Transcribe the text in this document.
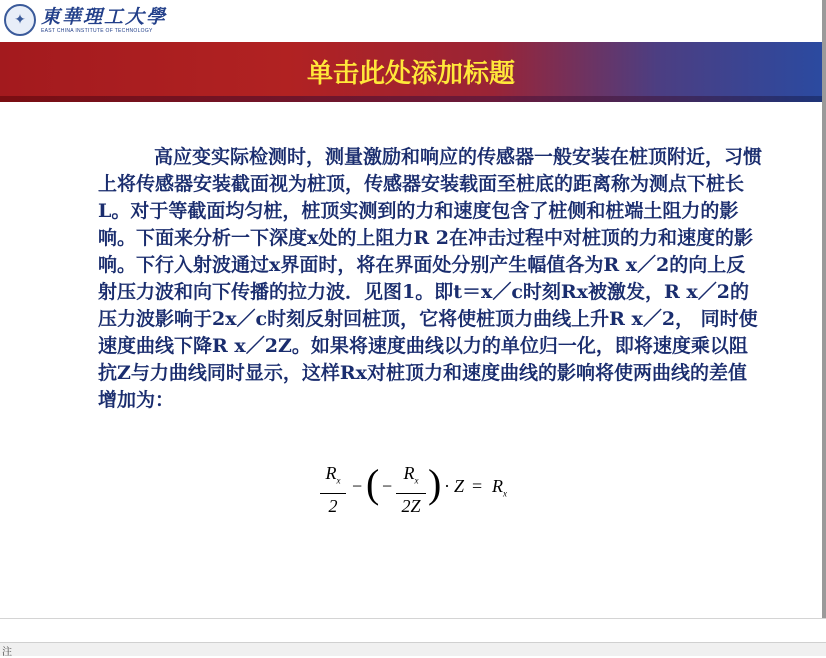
✦ 東華理工大學
EAST CHINA INSTITUTE OF TECHNOLOGY
单击此处添加标题

高应变实际检测时，测量激励和响应的传感器一般安装在桩顶附近，习惯上将传感器安装截面视为桩顶，传感器安装载面至桩底的距离称为测点下桩长L。对于等截面均匀桩，桩顶实测到的力和速度包含了桩侧和桩端土阻力的影响。下面来分析一下深度x处的上阻力R 2在冲击过程中对桩顶的力和速度的影响。下行入射波通过x界面时，将在界面处分别产生幅值各为R x／2的向上反射压力波和向下传播的拉力波．见图1。即t＝x／c时刻Rx被激发，R x／2的压力波影响于2x／c时刻反射回桩顶，它将使桩顶力曲线上升R x／2， 同时使速度曲线下降R x／2Z。如果将速度曲线以力的单位归一化，即将速度乘以阻抗Z与力曲线同时显示，这样Rx对桩顶力和速度曲线的影响将使两曲线的差值增加为：

$R_x$
2
− ( −
$R_x$
2Z ) · $Z = R_x$
注
